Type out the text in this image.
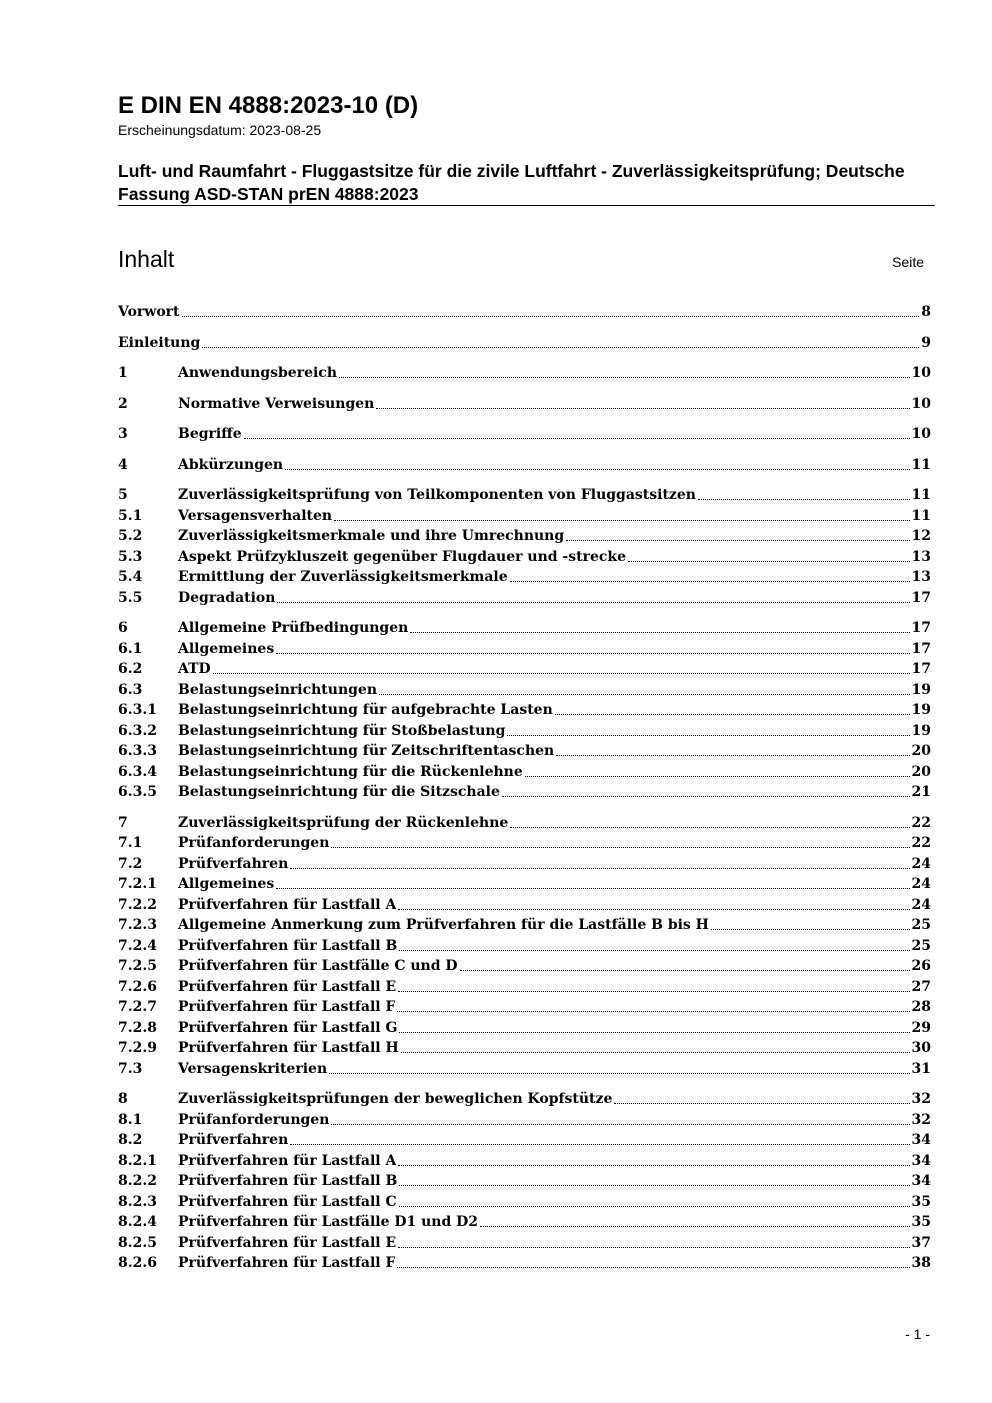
E DIN EN 4888:2023-10 (D)
Erscheinungsdatum: 2023-08-25
Luft- und Raumfahrt - Fluggastsitze für die zivile Luftfahrt - Zuverlässigkeitsprüfung; Deutsche Fassung ASD-STAN prEN 4888:2023
Inhalt	Seite
Vorwort	8
Einleitung	9
1	Anwendungsbereich	10
2	Normative Verweisungen	10
3	Begriffe	10
4	Abkürzungen	11
5	Zuverlässigkeitsprüfung von Teilkomponenten von Fluggastsitzen	11
5.1	Versagensverhalten	11
5.2	Zuverlässigkeitsmerkmale und ihre Umrechnung	12
5.3	Aspekt Prüfzykluszeit gegenüber Flugdauer und -strecke	13
5.4	Ermittlung der Zuverlässigkeitsmerkmale	13
5.5	Degradation	17
6	Allgemeine Prüfbedingungen	17
6.1	Allgemeines	17
6.2	ATD	17
6.3	Belastungseinrichtungen	19
6.3.1	Belastungseinrichtung für aufgebrachte Lasten	19
6.3.2	Belastungseinrichtung für Stoßbelastung	19
6.3.3	Belastungseinrichtung für Zeitschriftentaschen	20
6.3.4	Belastungseinrichtung für die Rückenlehne	20
6.3.5	Belastungseinrichtung für die Sitzschale	21
7	Zuverlässigkeitsprüfung der Rückenlehne	22
7.1	Prüfanforderungen	22
7.2	Prüfverfahren	24
7.2.1	Allgemeines	24
7.2.2	Prüfverfahren für Lastfall A	24
7.2.3	Allgemeine Anmerkung zum Prüfverfahren für die Lastfälle B bis H	25
7.2.4	Prüfverfahren für Lastfall B	25
7.2.5	Prüfverfahren für Lastfälle C und D	26
7.2.6	Prüfverfahren für Lastfall E	27
7.2.7	Prüfverfahren für Lastfall F	28
7.2.8	Prüfverfahren für Lastfall G	29
7.2.9	Prüfverfahren für Lastfall H	30
7.3	Versagenskriterien	31
8	Zuverlässigkeitsprüfungen der beweglichen Kopfstütze	32
8.1	Prüfanforderungen	32
8.2	Prüfverfahren	34
8.2.1	Prüfverfahren für Lastfall A	34
8.2.2	Prüfverfahren für Lastfall B	34
8.2.3	Prüfverfahren für Lastfall C	35
8.2.4	Prüfverfahren für Lastfälle D1 und D2	35
8.2.5	Prüfverfahren für Lastfall E	37
8.2.6	Prüfverfahren für Lastfall F	38
- 1 -
